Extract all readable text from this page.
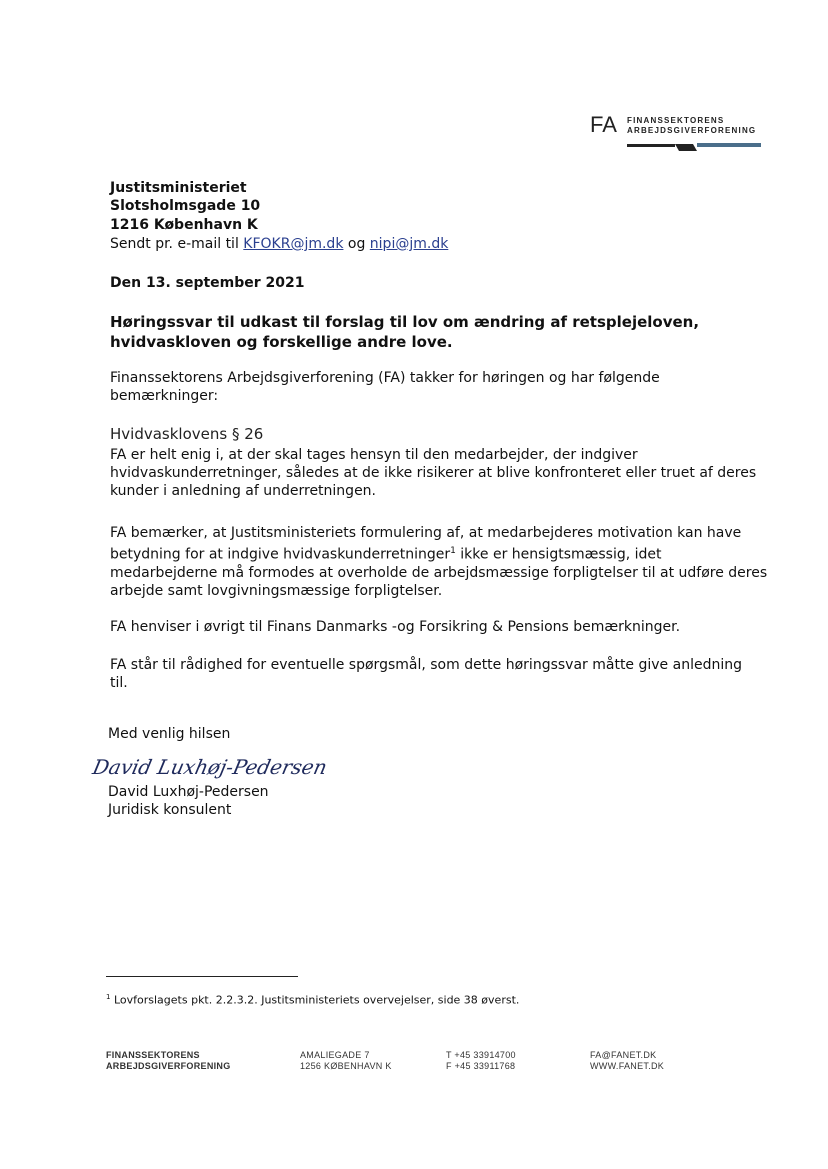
FA FINANSSEKTORENS
ARBEJDSGIVERFORENING
Justitsministeriet
Slotsholmsgade 10
1216 København K
Sendt pr. e-mail til KFOKR@jm.dk og nipi@jm.dk
Den 13. september 2021
Høringssvar til udkast til forslag til lov om ændring af retsplejeloven,
hvidvaskloven og forskellige andre love.
Finanssektorens Arbejdsgiverforening (FA) takker for høringen og har følgende
bemærkninger:
Hvidvasklovens § 26
FA er helt enig i, at der skal tages hensyn til den medarbejder, der indgiver
hvidvaskunderretninger, således at de ikke risikerer at blive konfronteret eller truet af deres
kunder i anledning af underretningen.
FA bemærker, at Justitsministeriets formulering af, at medarbejderes motivation kan have
betydning for at indgive hvidvaskunderretninger$^1$ ikke er hensigtsmæssig, idet
medarbejderne må formodes at overholde de arbejdsmæssige forpligtelser til at udføre deres
arbejde samt lovgivningsmæssige forpligtelser.
FA henviser i øvrigt til Finans Danmarks -og Forsikring & Pensions bemærkninger.
FA står til rådighed for eventuelle spørgsmål, som dette høringssvar måtte give anledning
til.
Med venlig hilsen
David Luxhøj-Pedersen
David Luxhøj-Pedersen
Juridisk konsulent
$^1$ Lovforslagets pkt. 2.2.3.2. Justitsministeriets overvejelser, side 38 øverst.
FINANSSEKTORENS
ARBEJDSGIVERFORENING
AMALIEGADE 7
1256 KØBENHAVN K
T +45 33914700
F +45 33911768
FA@FANET.DK
WWW.FANET.DK
